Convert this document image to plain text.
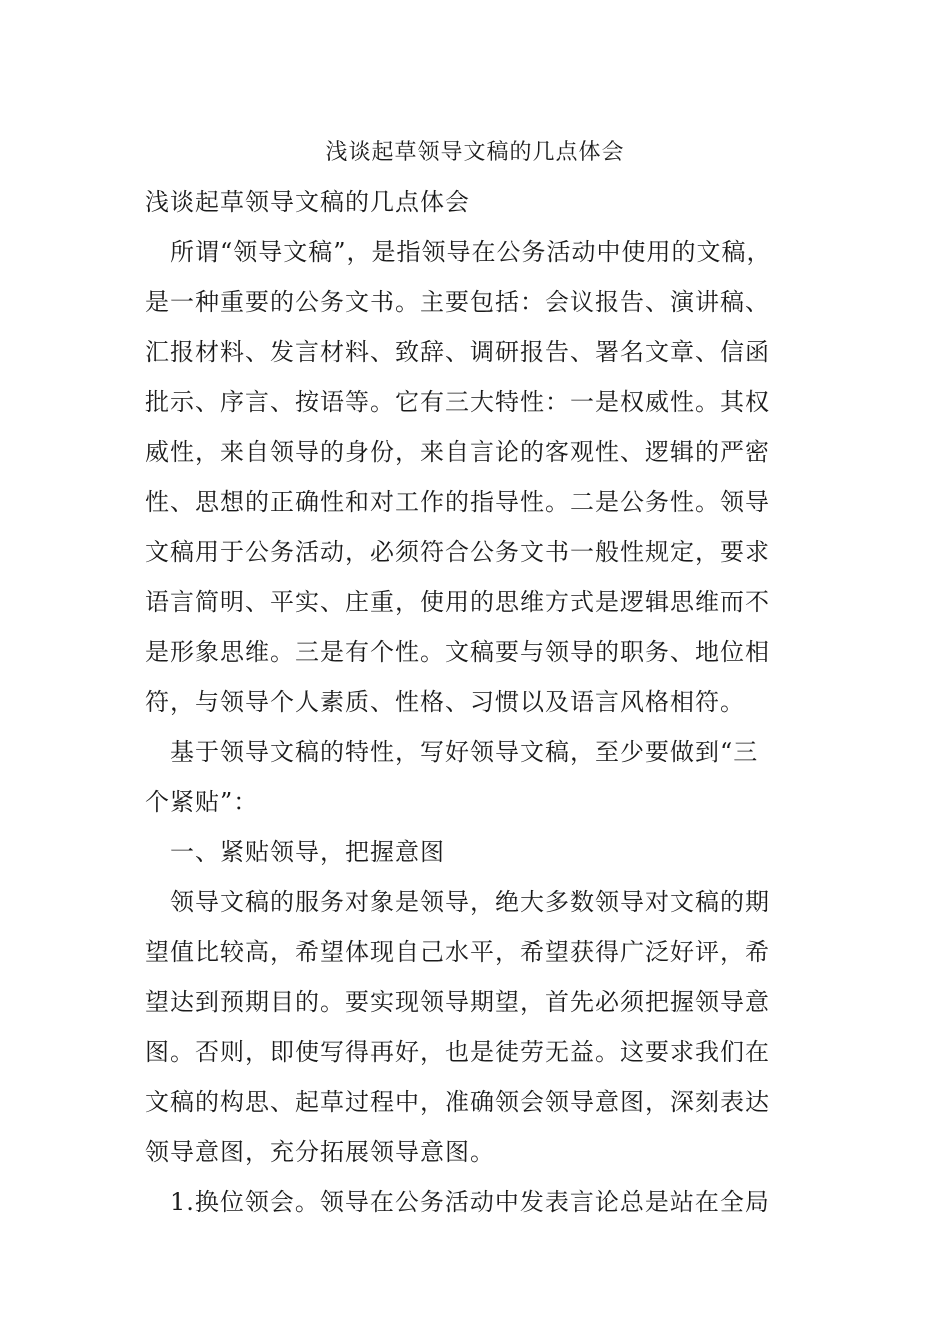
浅谈起草领导文稿的几点体会
浅谈起草领导文稿的几点体会
　所谓“领导文稿”，是指领导在公务活动中使用的文稿，
是一种重要的公务文书。主要包括：会议报告、演讲稿、
汇报材料、发言材料、致辞、调研报告、署名文章、信函
批示、序言、按语等。它有三大特性：一是权威性。其权
威性，来自领导的身份，来自言论的客观性、逻辑的严密
性、思想的正确性和对工作的指导性。二是公务性。领导
文稿用于公务活动，必须符合公务文书一般性规定，要求
语言简明、平实、庄重，使用的思维方式是逻辑思维而不
是形象思维。三是有个性。文稿要与领导的职务、地位相
符，与领导个人素质、性格、习惯以及语言风格相符。
　基于领导文稿的特性，写好领导文稿，至少要做到“三
个紧贴”：
　一、紧贴领导，把握意图
　领导文稿的服务对象是领导，绝大多数领导对文稿的期
望值比较高，希望体现自己水平，希望获得广泛好评，希
望达到预期目的。要实现领导期望，首先必须把握领导意
图。否则，即使写得再好，也是徒劳无益。这要求我们在
文稿的构思、起草过程中，准确领会领导意图，深刻表达
领导意图，充分拓展领导意图。
　1.换位领会。领导在公务活动中发表言论总是站在全局
